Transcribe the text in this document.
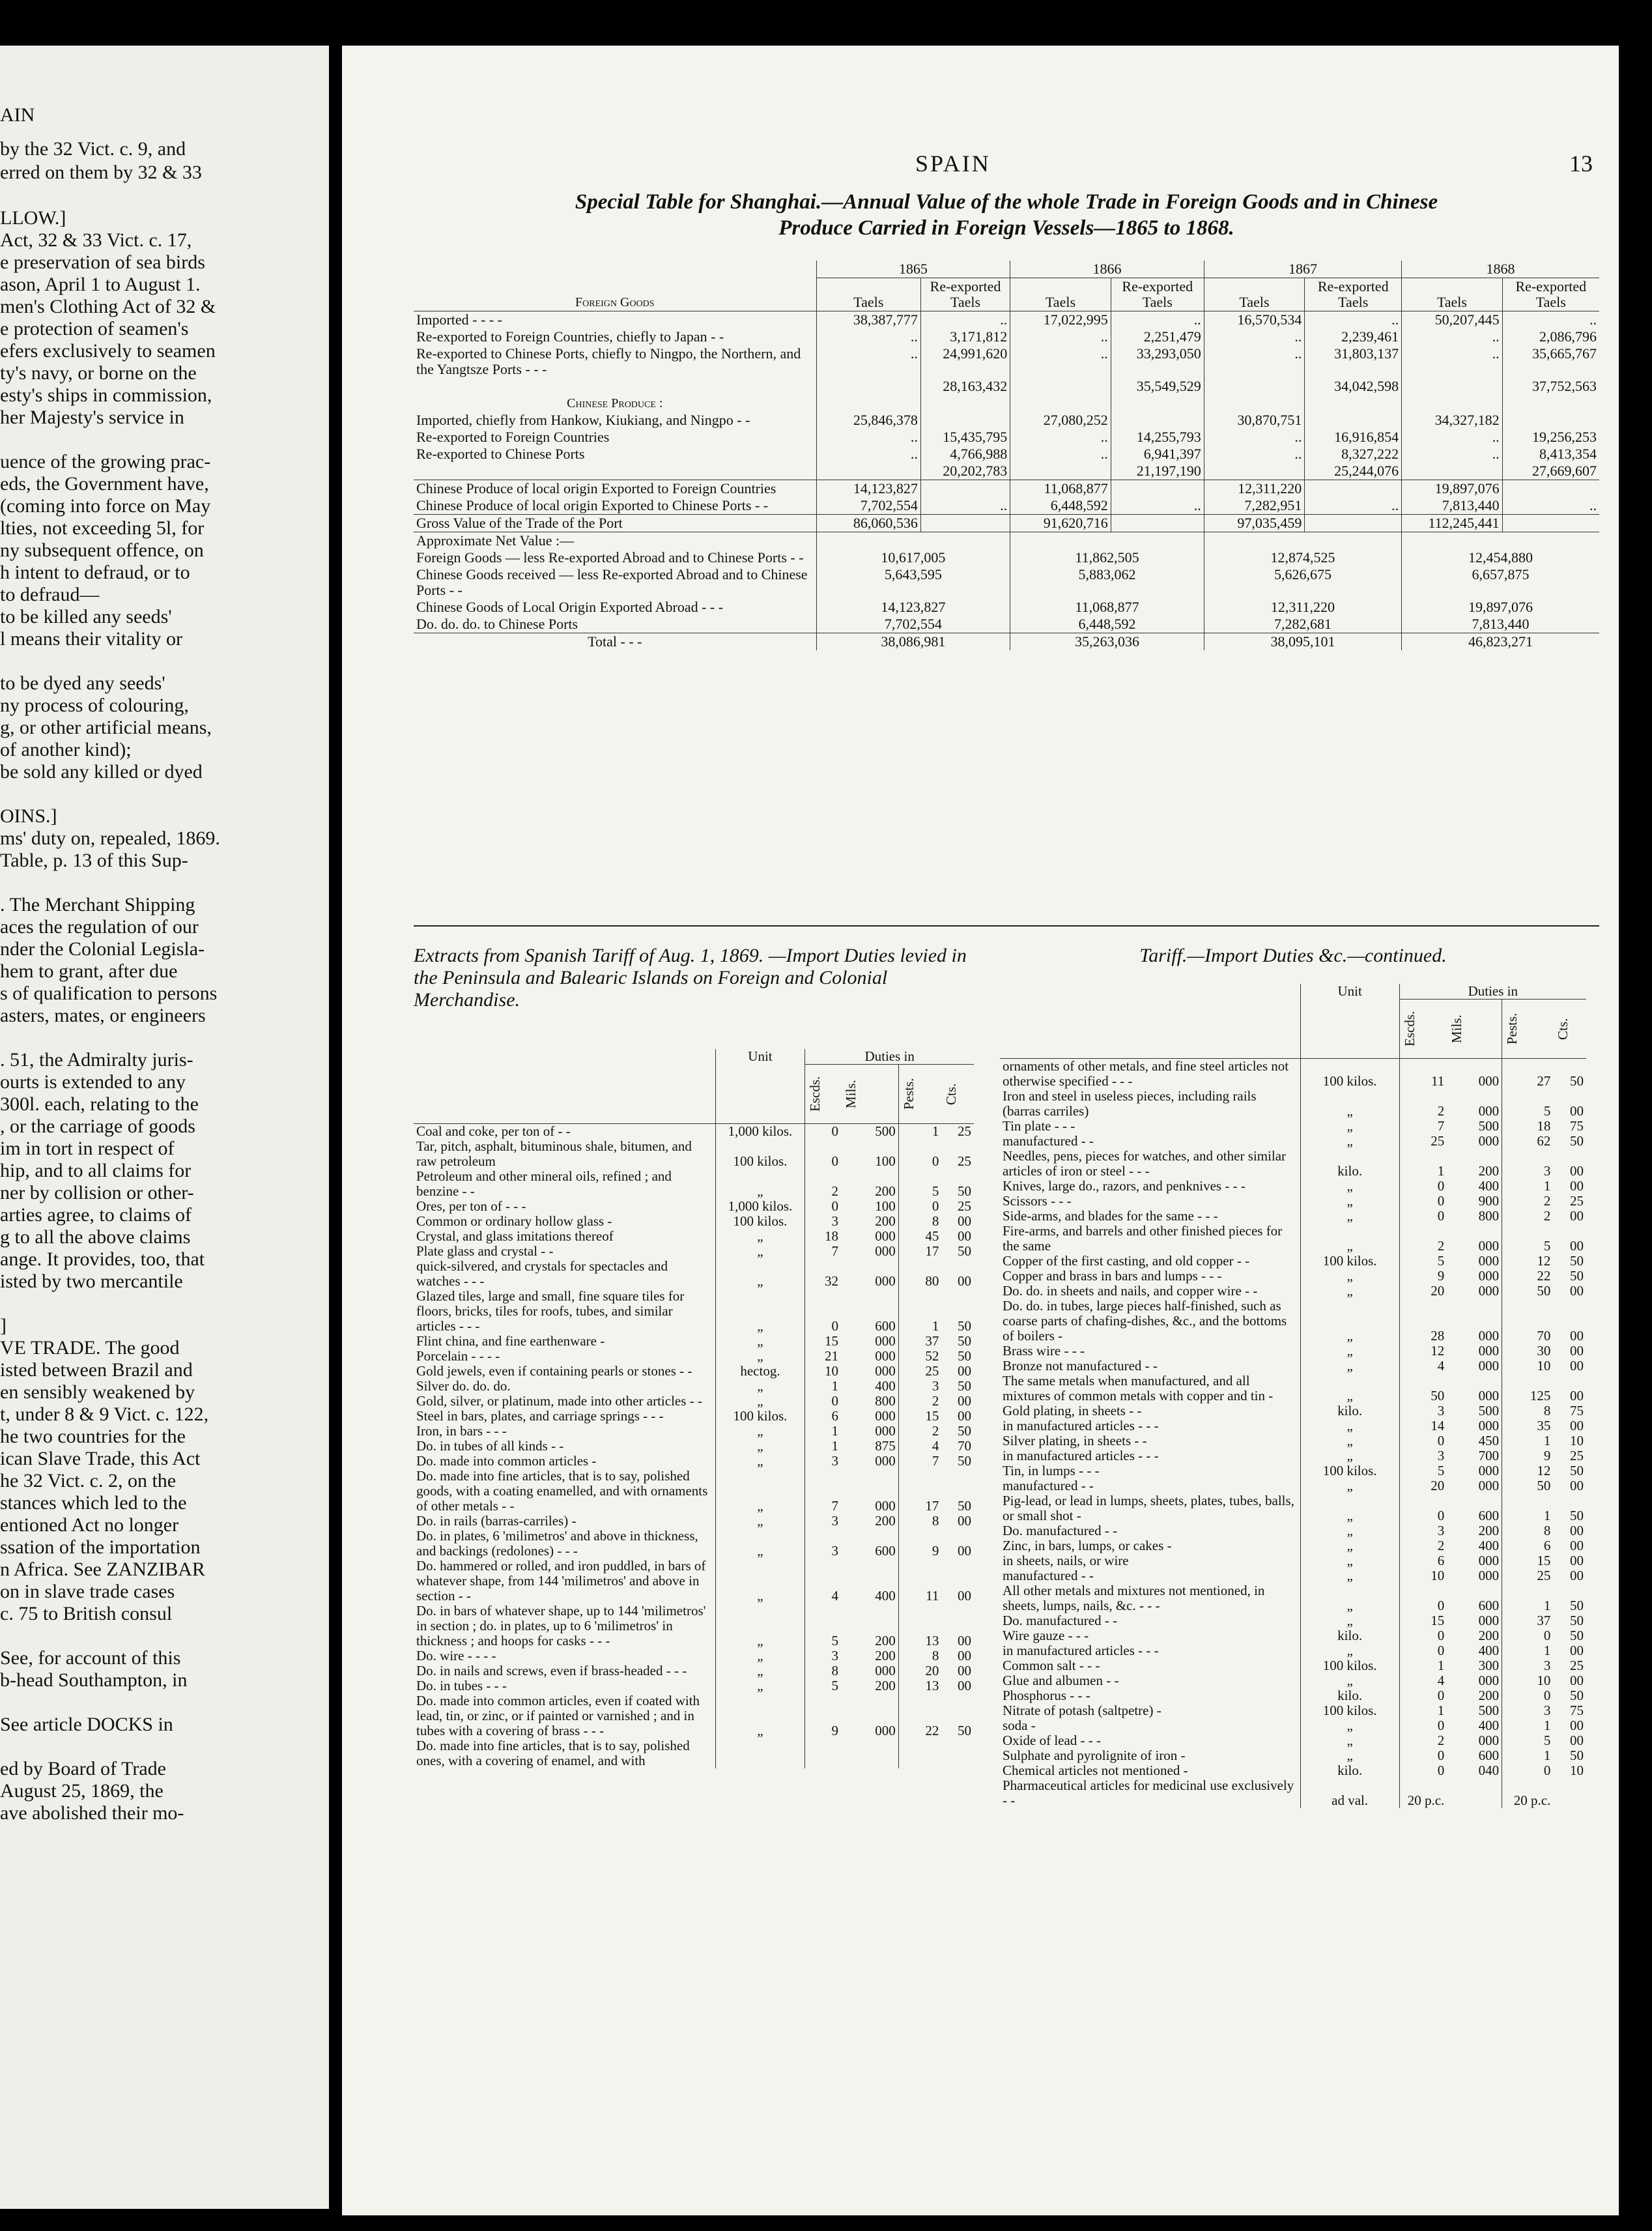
AIN
by the 32 Vict. c. 9, and
erred on them by 32 & 33
LLOW.]
Act, 32 & 33 Vict. c. 17,
e preservation of sea birds
ason, April 1 to August 1.
men's Clothing Act of 32 &
e protection of seamen's
efers exclusively to seamen
ty's navy, or borne on the
esty's ships in commission,
her Majesty's service in
uence of the growing prac-
eds, the Government have,
(coming into force on May
lties, not exceeding 5l, for
ny subsequent offence, on
h intent to defraud, or to
to defraud—
to be killed any seeds'
l means their vitality or
to be dyed any seeds'
ny process of colouring,
g, or other artificial means,
of another kind);
be sold any killed or dyed
OINS.]
ms' duty on, repealed, 1869.
Table, p. 13 of this Sup-
. The Merchant Shipping
aces the regulation of our
nder the Colonial Legisla-
hem to grant, after due
s of qualification to persons
asters, mates, or engineers
. 51, the Admiralty juris-
ourts is extended to any
300l. each, relating to the
, or the carriage of goods
im in tort in respect of
hip, and to all claims for
ner by collision or other-
arties agree, to claims of
g to all the above claims
ange. It provides, too, that
isted by two mercantile
]
VE TRADE. The good
isted between Brazil and
en sensibly weakened by
t, under 8 & 9 Vict. c. 122,
he two countries for the
ican Slave Trade, this Act
he 32 Vict. c. 2, on the
stances which led to the
entioned Act no longer
ssation of the importation
n Africa. See ZANZIBAR
on in slave trade cases
c. 75 to British consul
See, for account of this
b-head Southampton, in
See article DOCKS in
ed by Board of Trade
August 25, 1869, the
ave abolished their mo-
SPAIN	13
Special Table for Shanghai.—Annual Value of the whole Trade in Foreign Goods and in Chinese
Produce Carried in Foreign Vessels—1865 to 1868.
Foreign Goods	1865		1866		1867		1868	
	Taels	Re-exported Taels	Taels	Re-exported Taels	Taels	Re-exported Taels	Taels	Re-exported Taels
Imported - - - -	38,387,777	..	17,022,995	..	16,570,534	..	50,207,445	..
Re-exported to Foreign Countries, chiefly to Japan - -	..	3,171,812	..	2,251,479	..	2,239,461	..	2,086,796
Re-exported to Chinese Ports, chiefly to Ningpo, the Northern, and the Yangtsze Ports - - -	..	24,991,620	..	33,293,050	..	31,803,137	..	35,665,767
		28,163,432		35,549,529		34,042,598		37,752,563
Chinese Produce :								
Imported, chiefly from Hankow, Kiukiang, and Ningpo - -	25,846,378		27,080,252		30,870,751		34,327,182	
Re-exported to Foreign Countries	..	15,435,795	..	14,255,793	..	16,916,854	..	19,256,253
Re-exported to Chinese Ports	..	4,766,988	..	6,941,397	..	8,327,222	..	8,413,354
		20,202,783		21,197,190		25,244,076		27,669,607
Chinese Produce of local origin Exported to Foreign Countries	14,123,827		11,068,877		12,311,220		19,897,076	
Chinese Produce of local origin Exported to Chinese Ports - -	7,702,554	..	6,448,592	..	7,282,951	..	7,813,440	..
Gross Value of the Trade of the Port	86,060,536		91,620,716		97,035,459		112,245,441	
Approximate Net Value :—								
Foreign Goods — less Re-exported Abroad and to Chinese Ports - -	10,617,005		11,862,505		12,874,525		12,454,880	
Chinese Goods received — less Re-exported Abroad and to Chinese Ports - -	5,643,595		5,883,062		5,626,675		6,657,875	
Chinese Goods of Local Origin Exported Abroad - - -	14,123,827		11,068,877		12,311,220		19,897,076	
Do. do. do. to Chinese Ports	7,702,554		6,448,592		7,282,681		7,813,440	
Total - - -	38,086,981		35,263,036		38,095,101		46,823,271	
Extracts from Spanish Tariff of Aug. 1, 1869. —Import Duties levied in the Peninsula and Balearic Islands on Foreign and Colonial Merchandise.
Tariff.—Import Duties &c.—continued.
	Unit	Duties in			

		Escds.	Mils.	Pests.	Cts.

Coal and coke, per ton of - -	1,000 kilos.	0	500	1	25
Tar, pitch, asphalt, bituminous shale, bitumen, and raw petroleum	100 kilos.	0	100	0	25
Petroleum and other mineral oils, refined ; and benzine - -	„	2	200	5	50
Ores, per ton of - - -	1,000 kilos.	0	100	0	25
Common or ordinary hollow glass -	100 kilos.	3	200	8	00
Crystal, and glass imitations thereof	„	18	000	45	00
Plate glass and crystal - -	„	7	000	17	50
quick-silvered, and crystals for spectacles and watches - - -	„	32	000	80	00
Glazed tiles, large and small, fine square tiles for floors, bricks, tiles for roofs, tubes, and similar articles - - -	„	0	600	1	50
Flint china, and fine earthenware -	„	15	000	37	50
Porcelain - - - -	„	21	000	52	50
Gold jewels, even if containing pearls or stones - -	hectog.	10	000	25	00
Silver do. do. do.	„	1	400	3	50
Gold, silver, or platinum, made into other articles - -	„	0	800	2	00
Steel in bars, plates, and carriage springs - - -	100 kilos.	6	000	15	00
Iron, in bars - - -	„	1	000	2	50
Do. in tubes of all kinds - -	„	1	875	4	70
Do. made into common articles -	„	3	000	7	50
Do. made into fine articles, that is to say, polished goods, with a coating enamelled, and with ornaments of other metals - -	„	7	000	17	50
Do. in rails (barras-carriles) -	„	3	200	8	00
Do. in plates, 6 'milimetros' and above in thickness, and backings (redolones) - - -	„	3	600	9	00
Do. hammered or rolled, and iron puddled, in bars of whatever shape, from 144 'milimetros' and above in section - -	„	4	400	11	00
Do. in bars of whatever shape, up to 144 'milimetros' in section ; do. in plates, up to 6 'milimetros' in thickness ; and hoops for casks - - -	„	5	200	13	00
Do. wire - - - -	„	3	200	8	00
Do. in nails and screws, even if brass-headed - - -	„	8	000	20	00
Do. in tubes - - -	„	5	200	13	00
Do. made into common articles, even if coated with lead, tin, or zinc, or if painted or varnished ; and in tubes with a covering of brass - - -	„	9	000	22	50
Do. made into fine articles, that is to say, polished ones, with a covering of enamel, and with					
	Unit	Duties in			

		Escds.	Mils.	Pests.	Cts.

ornaments of other metals, and fine steel articles not otherwise specified - - -	100 kilos.	11	000	27	50
Iron and steel in useless pieces, including rails (barras carriles)	„	2	000	5	00
Tin plate - - -	„	7	500	18	75
manufactured - -	„	25	000	62	50
Needles, pens, pieces for watches, and other similar articles of iron or steel - - -	kilo.	1	200	3	00
Knives, large do., razors, and penknives - - -	„	0	400	1	00
Scissors - - -	„	0	900	2	25
Side-arms, and blades for the same - - -	„	0	800	2	00
Fire-arms, and barrels and other finished pieces for the same	„	2	000	5	00
Copper of the first casting, and old copper - -	100 kilos.	5	000	12	50
Copper and brass in bars and lumps - - -	„	9	000	22	50
Do. do. in sheets and nails, and copper wire - -	„	20	000	50	00
Do. do. in tubes, large pieces half-finished, such as coarse parts of chafing-dishes, &c., and the bottoms of boilers -	„	28	000	70	00
Brass wire - - -	„	12	000	30	00
Bronze not manufactured - -	„	4	000	10	00
The same metals when manufactured, and all mixtures of common metals with copper and tin -	„	50	000	125	00
Gold plating, in sheets - -	kilo.	3	500	8	75
in manufactured articles - - -	„	14	000	35	00
Silver plating, in sheets - -	„	0	450	1	10
in manufactured articles - - -	„	3	700	9	25
Tin, in lumps - - -	100 kilos.	5	000	12	50
manufactured - -	„	20	000	50	00
Pig-lead, or lead in lumps, sheets, plates, tubes, balls, or small shot -	„	0	600	1	50
Do. manufactured - -	„	3	200	8	00
Zinc, in bars, lumps, or cakes -	„	2	400	6	00
in sheets, nails, or wire	„	6	000	15	00
manufactured - -	„	10	000	25	00
All other metals and mixtures not mentioned, in sheets, lumps, nails, &c. - - -	„	0	600	1	50
Do. manufactured - -	„	15	000	37	50
Wire gauze - - -	kilo.	0	200	0	50
in manufactured articles - - -	„	0	400	1	00
Common salt - - -	100 kilos.	1	300	3	25
Glue and albumen - -	„	4	000	10	00
Phosphorus - - -	kilo.	0	200	0	50
Nitrate of potash (saltpetre) -	100 kilos.	1	500	3	75
soda -	„	0	400	1	00
Oxide of lead - - -	„	2	000	5	00
Sulphate and pyrolignite of iron -	„	0	600	1	50
Chemical articles not mentioned -	kilo.	0	040	0	10
Pharmaceutical articles for medicinal use exclusively - -	ad val.	20 p.c.		20 p.c.	
